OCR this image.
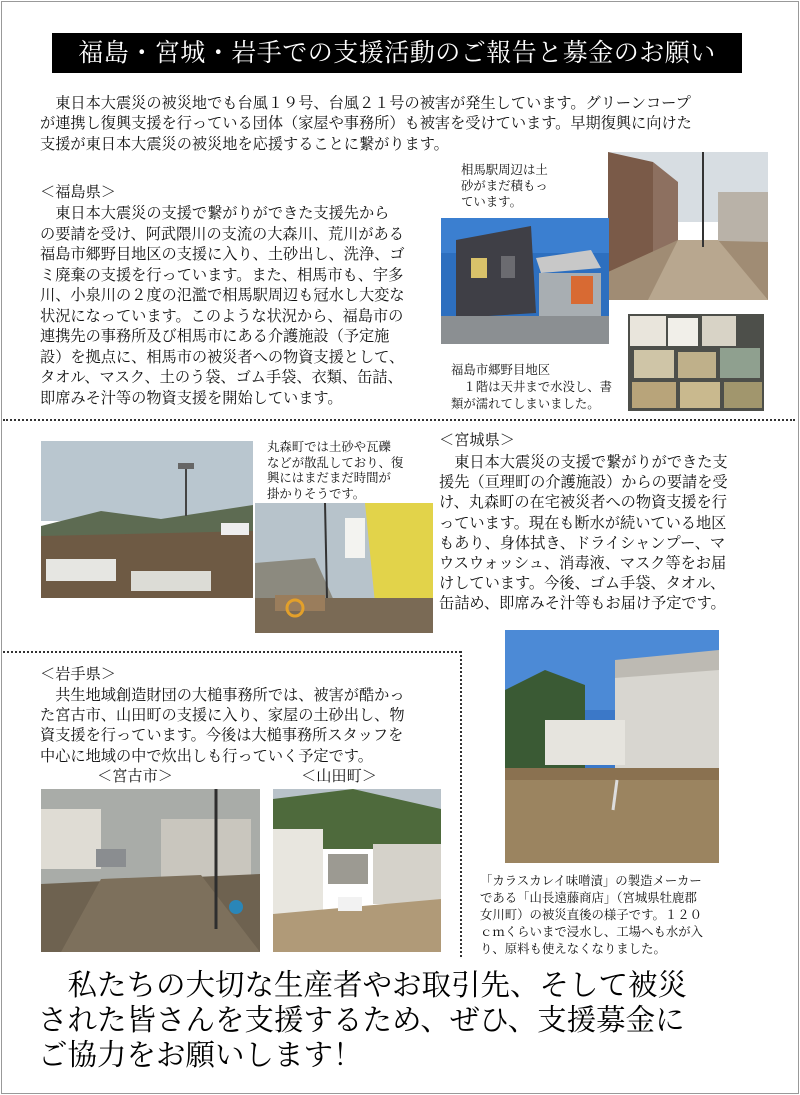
福島・宮城・岩手での支援活動のご報告と募金のお願い
　東日本大震災の被災地でも台風１９号、台風２１号の被害が発生しています。グリーンコープ
が連携し復興支援を行っている団体（家屋や事務所）も被害を受けています。早期復興に向けた
支援が東日本大震災の被災地を応援することに繋がります。
＜福島県＞
　東日本大震災の支援で繋がりができた支援先から
の要請を受け、阿武隈川の支流の大森川、荒川がある
福島市郷野目地区の支援に入り、土砂出し、洗浄、ゴ
ミ廃棄の支援を行っています。また、相馬市も、宇多
川、小泉川の２度の氾濫で相馬駅周辺も冠水し大変な
状況になっています。このような状況から、福島市の
連携先の事務所及び相馬市にある介護施設（予定施
設）を拠点に、相馬市の被災者への物資支援として、
タオル、マスク、土のう袋、ゴム手袋、衣類、缶詰、
即席みそ汁等の物資支援を開始しています。
相馬駅周辺は土
砂がまだ積もっ
ています。
福島市郷野目地区
　１階は天井まで水没し、書
類が濡れてしまいました。
丸森町では土砂や瓦礫
などが散乱しており、復
興にはまだまだ時間が
掛かりそうです。
＜宮城県＞
　東日本大震災の支援で繋がりができた支
援先（亘理町の介護施設）からの要請を受
け、丸森町の在宅被災者への物資支援を行
っています。現在も断水が続いている地区
もあり、身体拭き、ドライシャンプー、マ
ウスウォッシュ、消毒液、マスク等をお届
けしています。今後、ゴム手袋、タオル、
缶詰め、即席みそ汁等もお届け予定です。
「カラスカレイ味噌漬」の製造メーカー
である「山長遠藤商店」（宮城県牡鹿郡
女川町）の被災直後の様子です。１２０
ｃｍくらいまで浸水し、工場へも水が入
り、原料も使えなくなりました。
＜岩手県＞
　共生地域創造財団の大槌事務所では、被害が酷かっ
た宮古市、山田町の支援に入り、家屋の土砂出し、物
資支援を行っています。今後は大槌事務所スタッフを
中心に地域の中で炊出しも行っていく予定です。
＜宮古市＞	＜山田町＞
　私たちの大切な生産者やお取引先、そして被災
された皆さんを支援するため、ぜひ、支援募金に
ご協力をお願いします！
